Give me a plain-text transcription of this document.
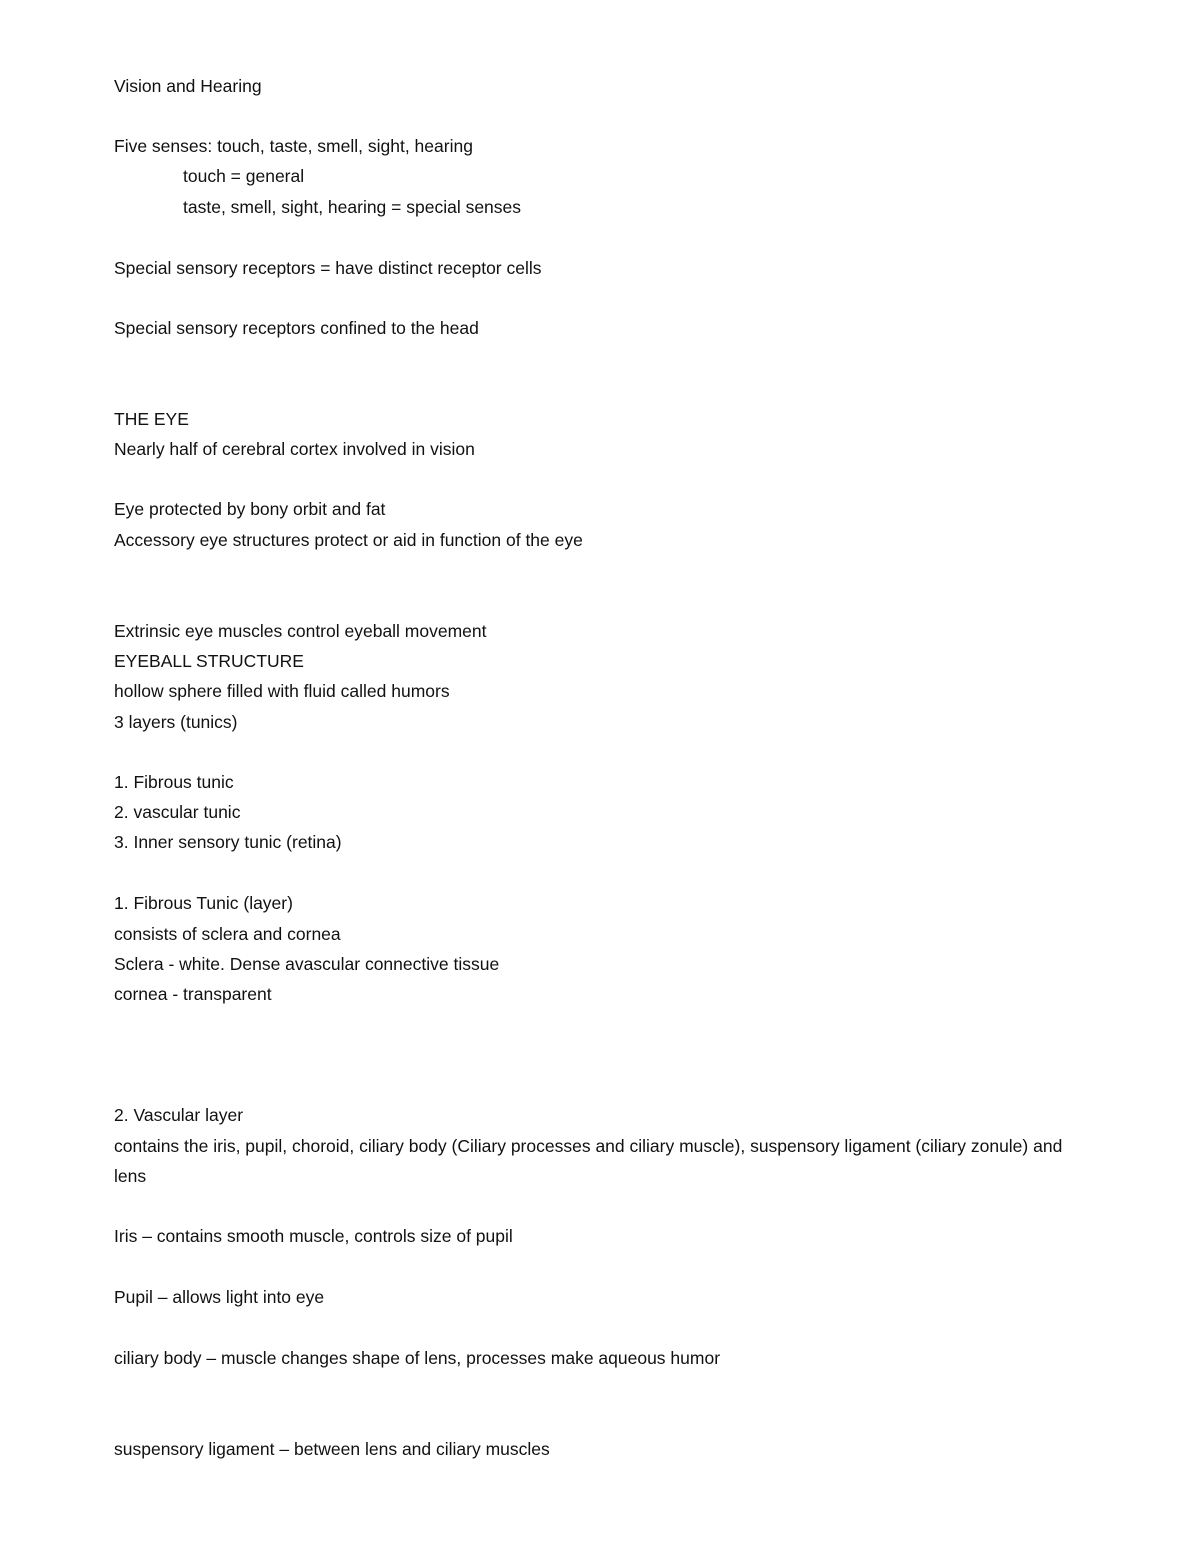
Vision and Hearing
Five senses: touch, taste, smell, sight, hearing
touch = general
taste, smell, sight, hearing = special senses
Special sensory receptors = have distinct receptor cells
Special sensory receptors confined to the head
THE EYE
Nearly half of cerebral cortex involved in vision
Eye protected by bony orbit and fat
Accessory eye structures protect or aid in function of the eye
Extrinsic eye muscles control eyeball movement
EYEBALL STRUCTURE
hollow sphere filled with fluid called humors
3 layers (tunics)
1. Fibrous tunic
2. vascular tunic
3. Inner sensory tunic (retina)
1. Fibrous Tunic (layer)
consists of sclera and cornea
Sclera - white. Dense avascular connective tissue
cornea - transparent
2. Vascular layer
contains the iris, pupil, choroid, ciliary body (Ciliary processes and ciliary muscle), suspensory ligament (ciliary zonule) and lens
Iris – contains smooth muscle, controls size of pupil
Pupil – allows light into eye
ciliary body – muscle changes shape of lens, processes make aqueous humor
suspensory ligament – between lens and ciliary muscles
